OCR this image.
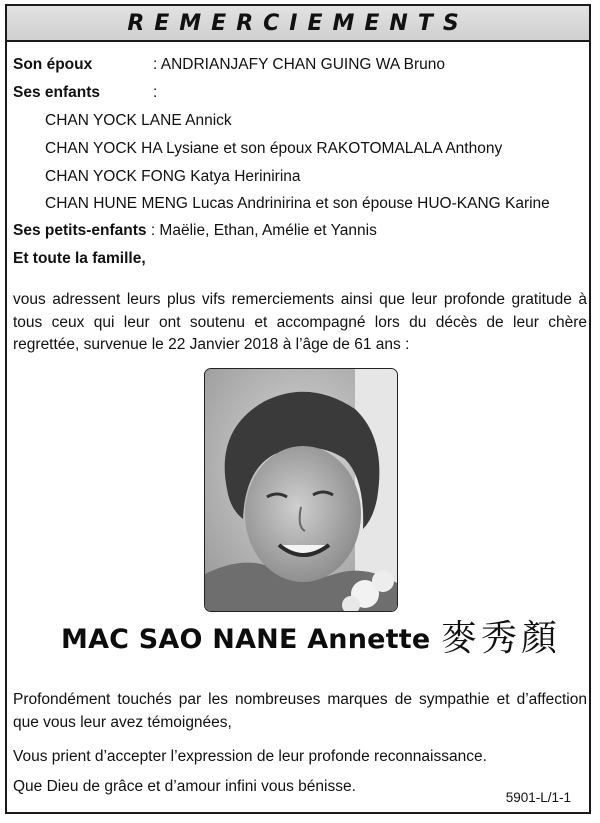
REMERCIEMENTS
Son époux	: ANDRIANJAFY CHAN GUING WA Bruno
Ses enfants	:
CHAN YOCK LANE Annick
CHAN YOCK HA Lysiane et son époux RAKOTOMALALA Anthony
CHAN YOCK FONG Katya Herinirina
CHAN HUNE MENG Lucas Andrinirina et son épouse HUO-KANG Karine
Ses petits-enfants : Maëlie, Ethan, Amélie et Yannis
Et toute la famille,
vous adressent leurs plus vifs remerciements ainsi que leur profonde gratitude à tous ceux qui leur ont soutenu et accompagné lors du décès de leur chère regrettée, survenue le 22 Janvier 2018 à l’âge de 61 ans :
MAC SAO NANE Annette 麥秀顏
Profondément touchés par les nombreuses marques de sympathie et d’affection que vous leur avez témoignées,
Vous prient d’accepter l’expression de leur profonde reconnaissance.
Que Dieu de grâce et d’amour infini vous bénisse.
5901-L/1-1
